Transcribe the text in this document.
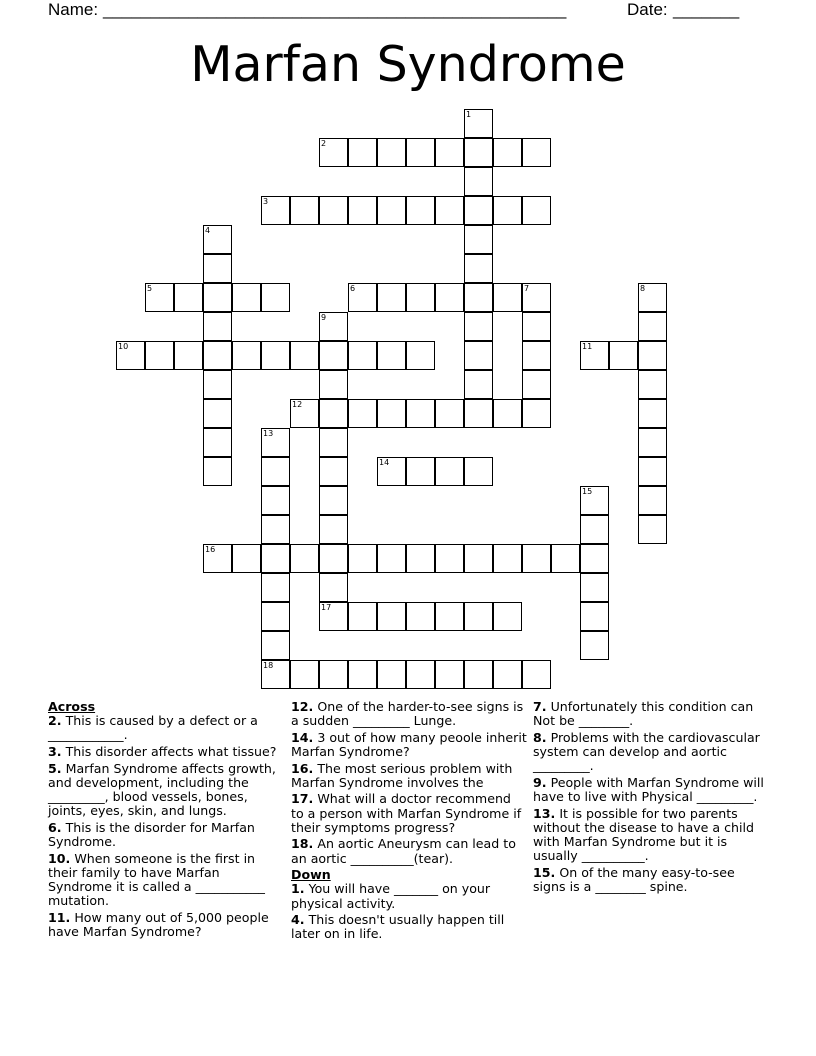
Name: _________________________________________________	Date: _______
Marfan Syndrome
1
2
3
4
5	6	7	8
9
10	11
12
13
18
14
15
16
17
Across
2. This is caused by a defect or a ____________.
3. This disorder affects what tissue?
5. Marfan Syndrome affects growth, and development, including the _________, blood vessels, bones, joints, eyes, skin, and lungs.
6. This is the disorder for Marfan Syndrome.
10. When someone is the first in their family to have Marfan Syndrome it is called a ___________ mutation.
11. How many out of 5,000 people have Marfan Syndrome?
12. One of the harder-to-see signs is a sudden _________ Lunge.
14. 3 out of how many peoole inherit Marfan Syndrome?
16. The most serious problem with Marfan Syndrome involves the
17. What will a doctor recommend to a person with Marfan Syndrome if their symptoms progress?
18. An aortic Aneurysm can lead to an aortic __________(tear).
Down
1. You will have _______ on your physical activity.
4. This doesn't usually happen till later on in life.
7. Unfortunately this condition can Not be ________.
8. Problems with the cardiovascular system can develop and aortic _________.
9. People with Marfan Syndrome will have to live with Physical _________.
13. It is possible for two parents without the disease to have a child with Marfan Syndrome but it is usually __________.
15. On of the many easy-to-see signs is a ________ spine.
